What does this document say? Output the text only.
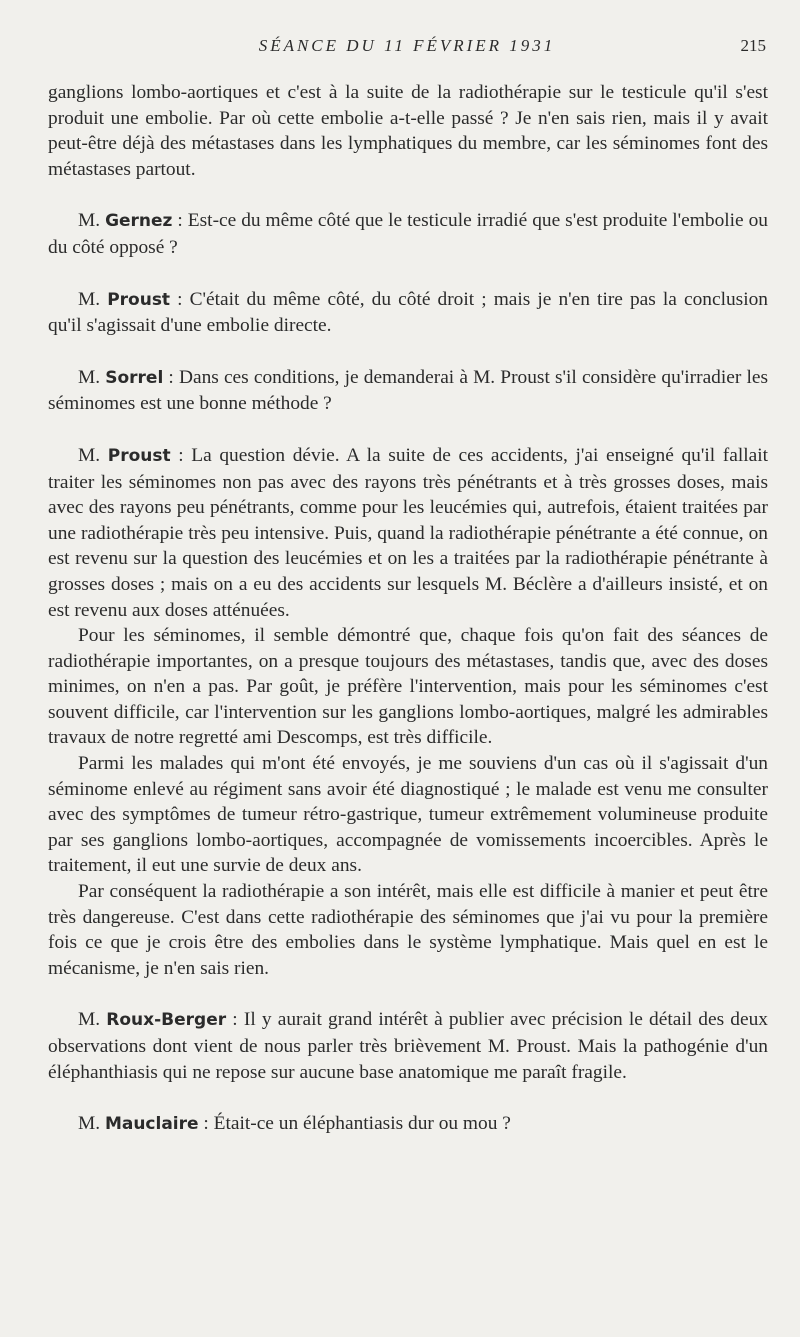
SÉANCE DU 11 FÉVRIER 1931	215

ganglions lombo-aortiques et c'est à la suite de la radiothérapie sur le testicule qu'il s'est produit une embolie. Par où cette embolie a-t-elle passé ? Je n'en sais rien, mais il y avait peut-être déjà des métastases dans les lymphatiques du membre, car les séminomes font des métastases partout.

M. Gernez : Est-ce du même côté que le testicule irradié que s'est produite l'embolie ou du côté opposé ?

M. Proust : C'était du même côté, du côté droit ; mais je n'en tire pas la conclusion qu'il s'agissait d'une embolie directe.

M. Sorrel : Dans ces conditions, je demanderai à M. Proust s'il considère qu'irradier les séminomes est une bonne méthode ?

M. Proust : La question dévie. A la suite de ces accidents, j'ai enseigné qu'il fallait traiter les séminomes non pas avec des rayons très pénétrants et à très grosses doses, mais avec des rayons peu pénétrants, comme pour les leucémies qui, autrefois, étaient traitées par une radiothérapie très peu intensive. Puis, quand la radiothérapie pénétrante a été connue, on est revenu sur la question des leucémies et on les a traitées par la radiothérapie pénétrante à grosses doses ; mais on a eu des accidents sur lesquels M. Béclère a d'ailleurs insisté, et on est revenu aux doses atténuées.

Pour les séminomes, il semble démontré que, chaque fois qu'on fait des séances de radiothérapie importantes, on a presque toujours des métastases, tandis que, avec des doses minimes, on n'en a pas. Par goût, je préfère l'intervention, mais pour les séminomes c'est souvent difficile, car l'intervention sur les ganglions lombo-aortiques, malgré les admirables travaux de notre regretté ami Descomps, est très difficile.

Parmi les malades qui m'ont été envoyés, je me souviens d'un cas où il s'agissait d'un séminome enlevé au régiment sans avoir été diagnostiqué ; le malade est venu me consulter avec des symptômes de tumeur rétro-gastrique, tumeur extrêmement volumineuse produite par ses ganglions lombo-aortiques, accompagnée de vomissements incoercibles. Après le traitement, il eut une survie de deux ans.

Par conséquent la radiothérapie a son intérêt, mais elle est difficile à manier et peut être très dangereuse. C'est dans cette radiothérapie des séminomes que j'ai vu pour la première fois ce que je crois être des embolies dans le système lymphatique. Mais quel en est le mécanisme, je n'en sais rien.

M. Roux-Berger : Il y aurait grand intérêt à publier avec précision le détail des deux observations dont vient de nous parler très brièvement M. Proust. Mais la pathogénie d'un éléphanthiasis qui ne repose sur aucune base anatomique me paraît fragile.

M. Mauclaire : Était-ce un éléphantiasis dur ou mou ?
